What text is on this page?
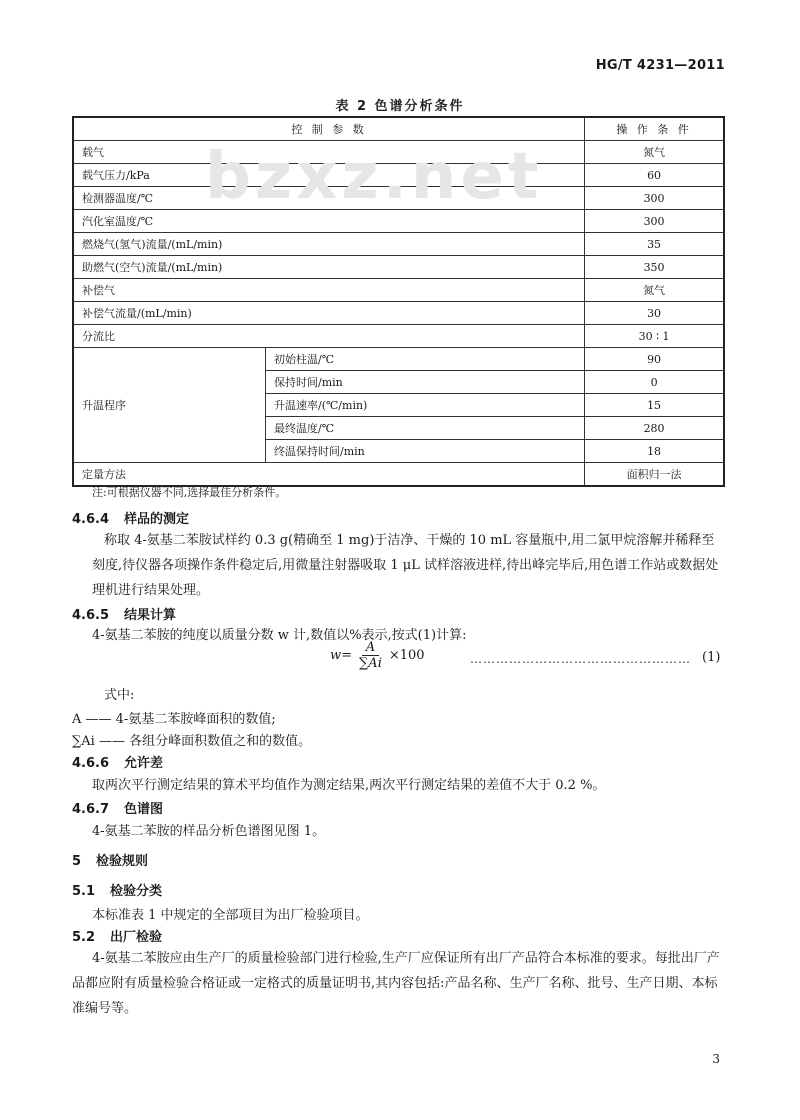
HG/T 4231—2011
表 2 色谱分析条件
控 制 参 数		操 作 条 件
载气		氮气
载气压力/kPa		60
检测器温度/℃		300
汽化室温度/℃		300
燃烧气(氢气)流量/(mL/min)		35
助燃气(空气)流量/(mL/min)		350
补偿气		氮气
补偿气流量/(mL/min)		30
分流比		30 ∶ 1
升温程序	初始柱温/℃	90
	保持时间/min	0
	升温速率/(℃/min)	15
	最终温度/℃	280
	终温保持时间/min	18
定量方法		面积归一法
bzxz.net
注:可根据仪器不同,选择最佳分析条件。
4.6.4 样品的测定
称取 4-氨基二苯胺试样约 0.3 g(精确至 1 mg)于洁净、干燥的 10 mL 容量瓶中,用二氯甲烷溶解并稀释至刻度,待仪器各项操作条件稳定后,用微量注射器吸取 1 μL 试样溶液进样,待出峰完毕后,用色谱工作站或数据处理机进行结果处理。
4.6.5 结果计算
4-氨基二苯胺的纯度以质量分数 w 计,数值以%表示,按式(1)计算:
$w= \frac{A}{\sum Ai} \times 100$	…………………………………………… (1)
式中:
A —— 4-氨基二苯胺峰面积的数值;
∑Ai —— 各组分峰面积数值之和的数值。
4.6.6 允许差
取两次平行测定结果的算术平均值作为测定结果,两次平行测定结果的差值不大于 0.2 %。
4.6.7 色谱图
4-氨基二苯胺的样品分析色谱图见图 1。
5 检验规则
5.1 检验分类
本标准表 1 中规定的全部项目为出厂检验项目。
5.2 出厂检验
4-氨基二苯胺应由生产厂的质量检验部门进行检验,生产厂应保证所有出厂产品符合本标准的要求。每批出厂产品都应附有质量检验合格证或一定格式的质量证明书,其内容包括:产品名称、生产厂名称、批号、生产日期、本标准编号等。
3
